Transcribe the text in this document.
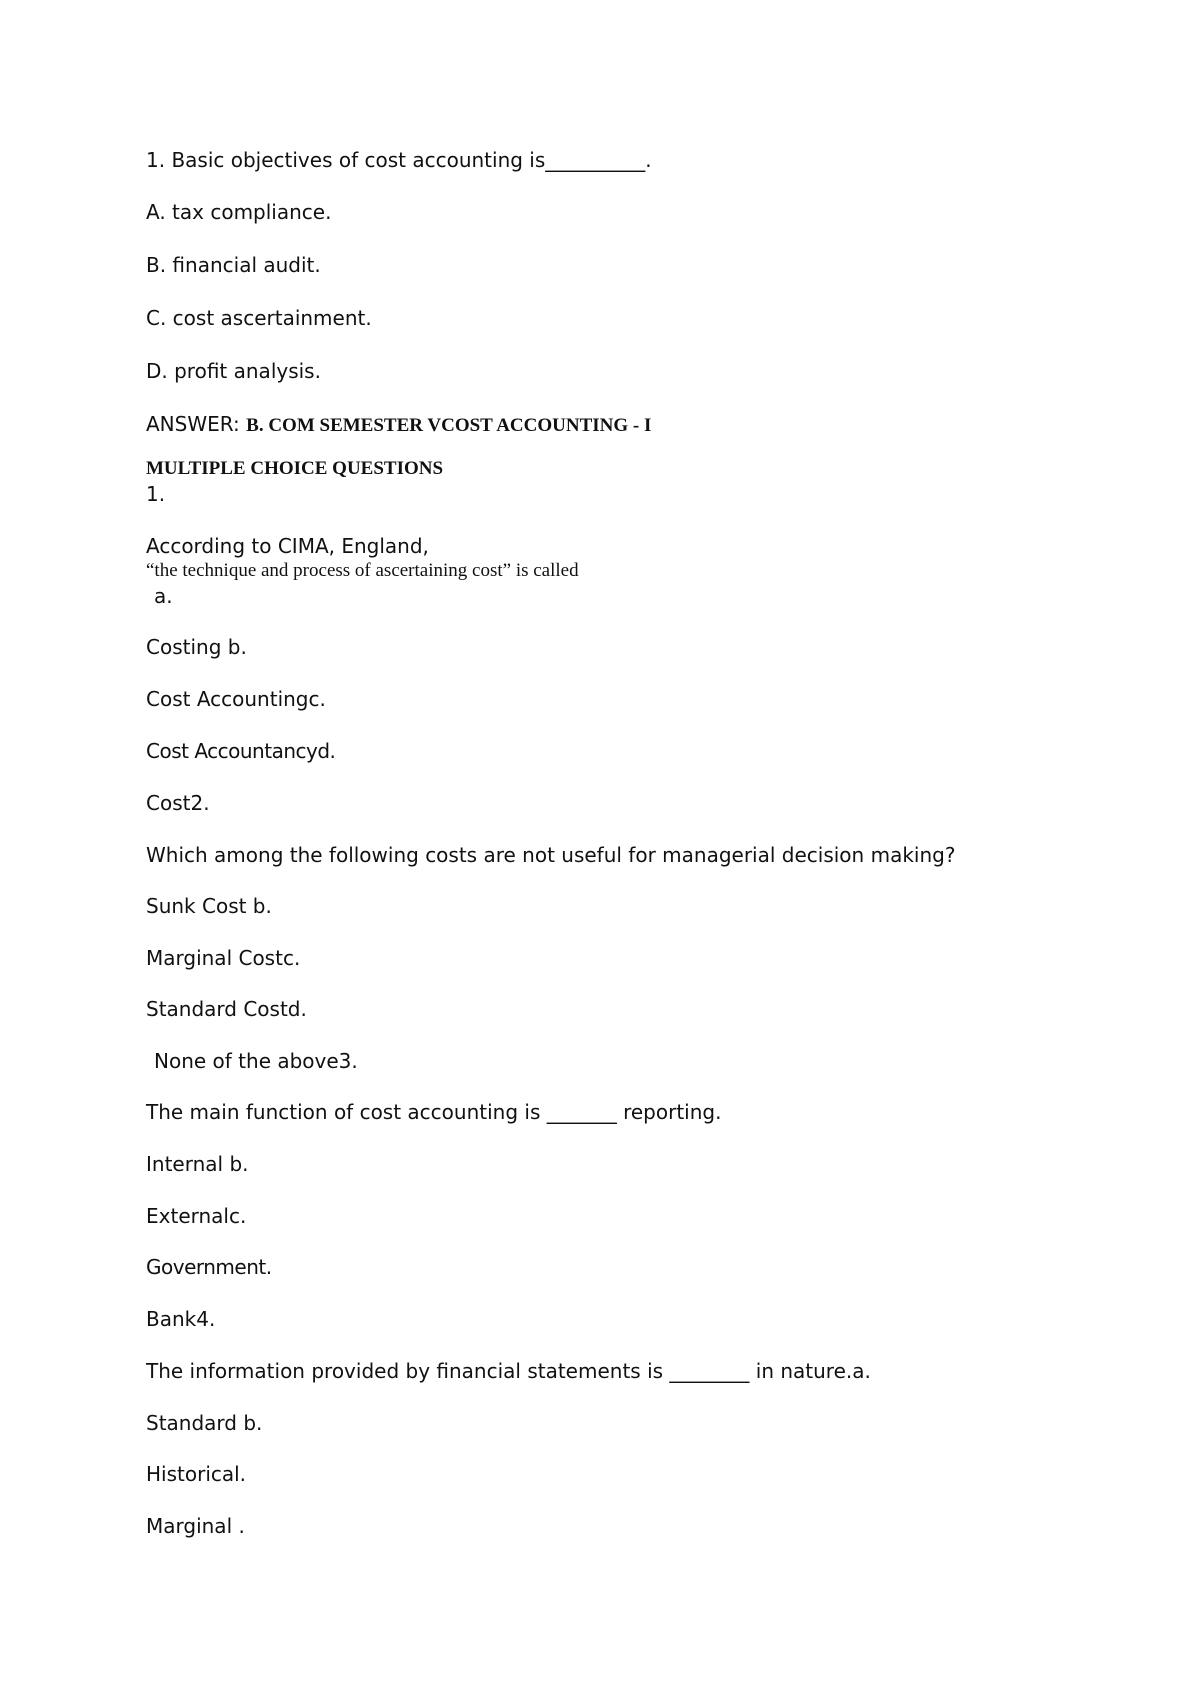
1. Basic objectives of cost accounting is__________.

A. tax compliance.

B. financial audit.

C. cost ascertainment.

D. profit analysis.

ANSWER: B. COM SEMESTER VCOST ACCOUNTING - I

MULTIPLE CHOICE QUESTIONS

1.

According to CIMA, England,

“the technique and process of ascertaining cost” is called

a.

Costing b.

Cost Accountingc.

Cost Accountancyd.

Cost2.

Which among the following costs are not useful for managerial decision making?

Sunk Cost b.

Marginal Costc.

Standard Costd.

None of the above3.

The main function of cost accounting is _______ reporting.

Internal b.

Externalc.

Government.

Bank4.

The information provided by financial statements is ________ in nature.a.

Standard b.

Historical.

Marginal .
